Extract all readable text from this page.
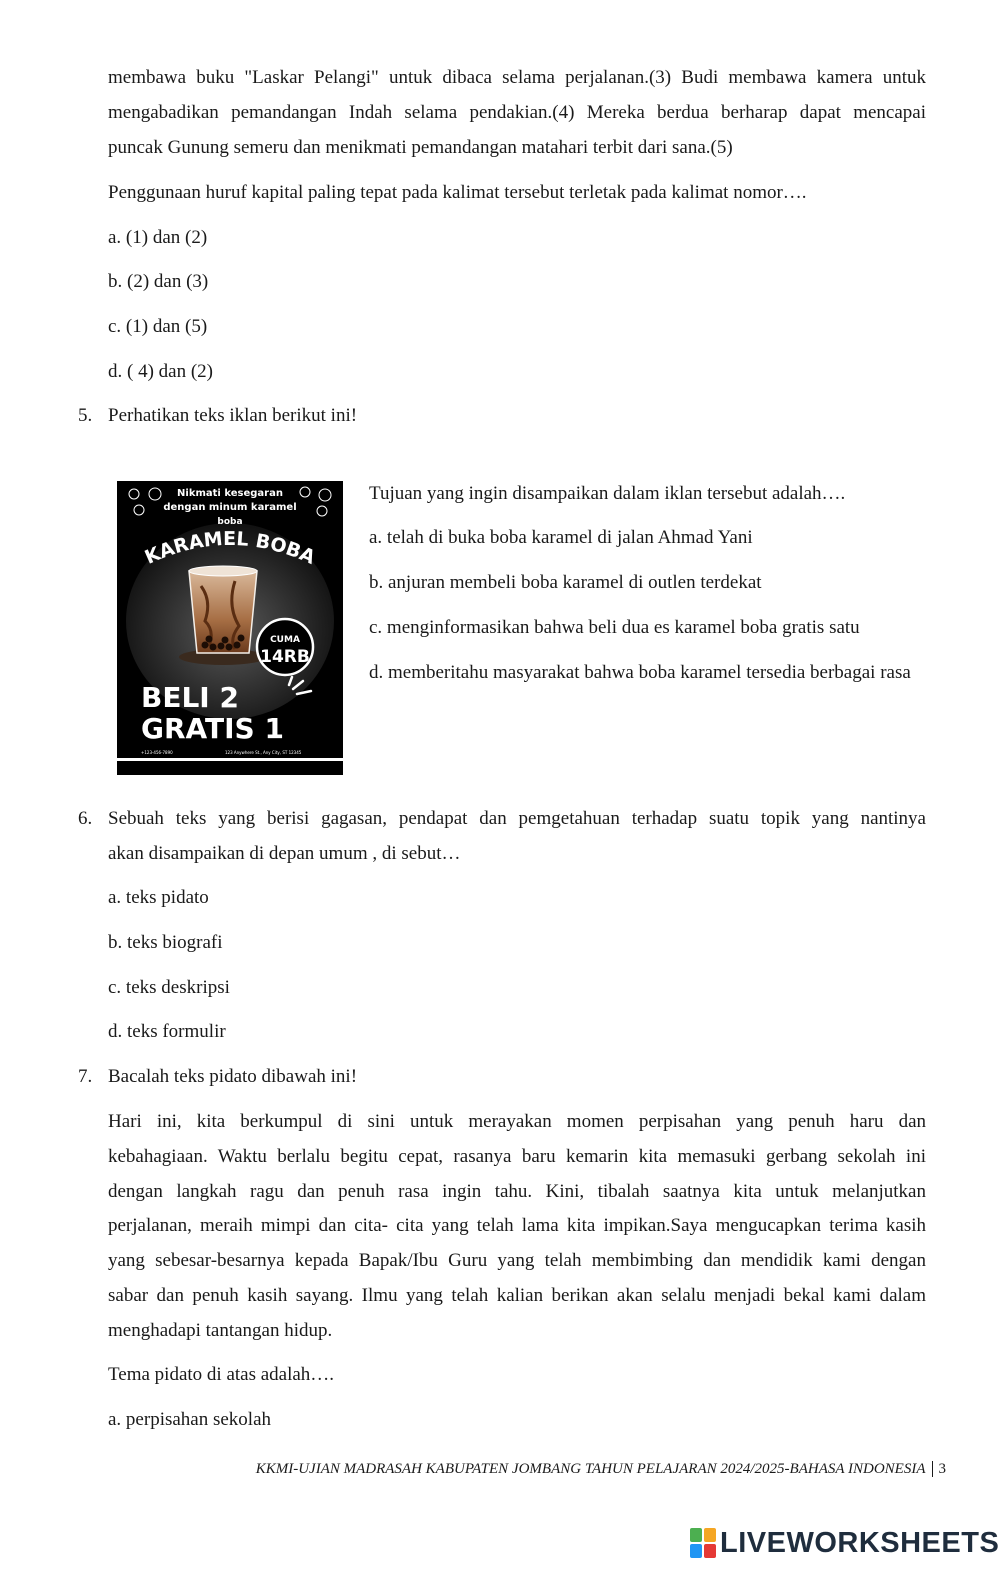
membawa buku "Laskar Pelangi" untuk dibaca selama perjalanan.(3) Budi membawa kamera untuk
mengabadikan pemandangan Indah selama pendakian.(4) Mereka berdua berharap dapat mencapai
puncak Gunung semeru dan menikmati pemandangan matahari terbit dari sana.(5)
Penggunaan huruf kapital paling tepat pada kalimat tersebut terletak pada kalimat nomor….
a. (1) dan (2)
b. (2) dan (3)
c. (1) dan (5)
d. ( 4) dan (2)
5. Perhatikan teks iklan berikut ini!
Nikmati kesegaran
dengan minum karamel
boba
KARAMEL BOBA
CUMA
14RB
BELI 2
GRATIS 1
+123-456-7890	123 Anywhere St., Any City, ST 12345
Tujuan yang ingin disampaikan dalam iklan tersebut adalah….
a. telah di buka boba karamel di jalan Ahmad Yani
b. anjuran membeli boba karamel di outlen terdekat
c. menginformasikan bahwa beli dua es karamel boba gratis satu
d. memberitahu masyarakat bahwa boba karamel tersedia berbagai rasa
6. Sebuah teks yang berisi gagasan, pendapat dan pemgetahuan terhadap suatu topik yang nantinya
akan disampaikan di depan umum , di sebut…
a. teks pidato
b. teks biografi
c. teks deskripsi
d. teks formulir
7. Bacalah teks pidato dibawah ini!
Hari ini, kita berkumpul di sini untuk merayakan momen perpisahan yang penuh haru dan
kebahagiaan. Waktu berlalu begitu cepat, rasanya baru kemarin kita memasuki gerbang sekolah ini
dengan langkah ragu dan penuh rasa ingin tahu. Kini, tibalah saatnya kita untuk melanjutkan
perjalanan, meraih mimpi dan cita- cita yang telah lama kita impikan.Saya mengucapkan terima kasih
yang sebesar-besarnya kepada Bapak/Ibu Guru yang telah membimbing dan mendidik kami dengan
sabar dan penuh kasih sayang. Ilmu yang telah kalian berikan akan selalu menjadi bekal kami dalam
menghadapi tantangan hidup.
Tema pidato di atas adalah….
a. perpisahan sekolah
KKMI-UJIAN MADRASAH KABUPATEN JOMBANG TAHUN PELAJARAN 2024/2025-BAHASA INDONESIA 3
LIVEWORKSHEETS
